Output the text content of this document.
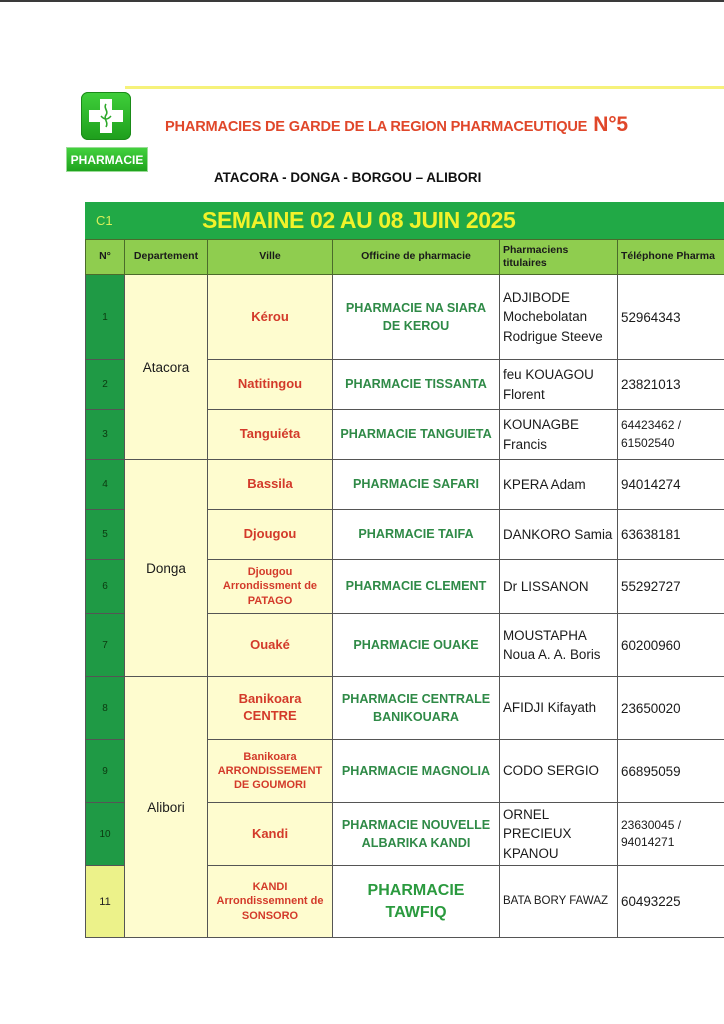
PHARMACIE
PHARMACIES DE GARDE DE LA REGION PHARMACEUTIQUE N°5
ATACORA - DONGA - BORGOU – ALIBORI
C1	SEMAINE 02 AU 08 JUIN 2025
N°	Departement	Ville	Officine de pharmacie	Pharmaciens titulaires	Téléphone Pharma
1	Atacora	Kérou	PHARMACIE NA SIARA DE KEROU	ADJIBODE Mochebolatan Rodrigue Steeve	52964343
2		Natitingou	PHARMACIE TISSANTA	feu KOUAGOU Florent	23821013
3		Tanguiéta	PHARMACIE TANGUIETA	KOUNAGBE Francis	64423462 / 61502540
4	Donga	Bassila	PHARMACIE SAFARI	KPERA Adam	94014274
5		Djougou	PHARMACIE TAIFA	DANKORO Samia	63638181
6		Djougou Arrondissment de PATAGO	PHARMACIE CLEMENT	Dr LISSANON	55292727
7		Ouaké	PHARMACIE OUAKE	MOUSTAPHA Noua A. A. Boris	60200960
8	Alibori	Banikoara CENTRE	PHARMACIE CENTRALE BANIKOUARA	AFIDJI Kifayath	23650020
9		Banikoara ARRONDISSEMENT DE GOUMORI	PHARMACIE MAGNOLIA	CODO SERGIO	66895059
10		Kandi	PHARMACIE NOUVELLE ALBARIKA KANDI	ORNEL PRECIEUX KPANOU	23630045 / 94014271
11		KANDI Arrondissemnent de SONSORO	PHARMACIE TAWFIQ	BATA BORY FAWAZ	60493225
